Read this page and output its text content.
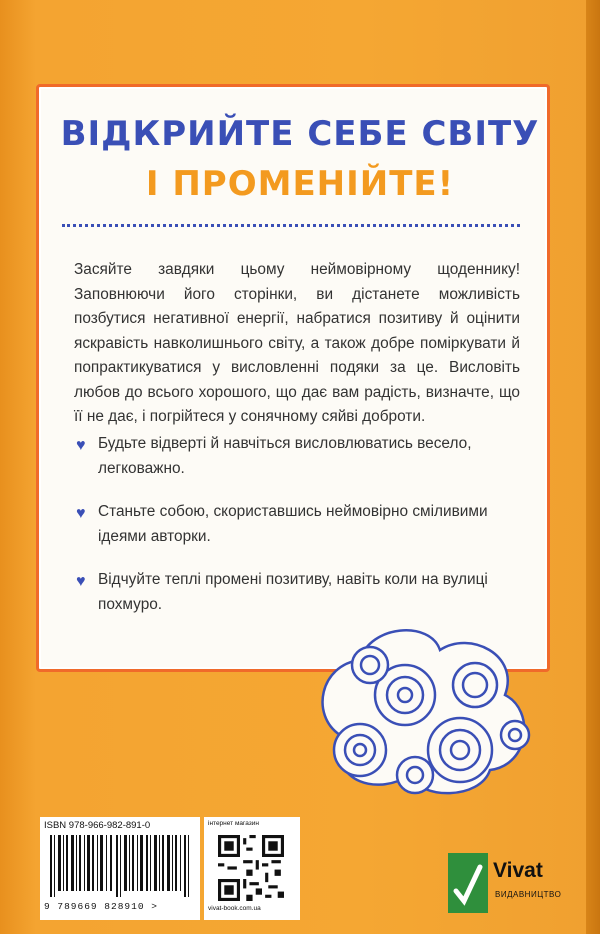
ВІДКРИЙТЕ СЕБЕ СВІТУ
І ПРОМЕНІЙТЕ!
Засяйте завдяки цьому неймовірному щоденнику! Заповнюючи його сторінки, ви дістанете можливість позбутися негативної енергії, набратися позитиву й оцінити яскравість навколишнього світу, а також добре поміркувати й попрактикуватися у висловленні подяки за це. Висловіть любов до всього хорошого, що дає вам радість, визначте, що її не дає, і погрійтеся у сонячному сяйві доброти.
♥ Будьте відверті й навчіться висловлюватись весело, легковажно.
♥ Станьте собою, скориставшись неймовірно сміливими ідеями авторки.
♥ Відчуйте теплі промені позитиву, навіть коли на вулиці похмуро.
ISBN 978-966-982-891-0
9 789669 828910 >
інтернет магазин
vivat-book.com.ua
Vivat
ВИДАВНИЦТВО
